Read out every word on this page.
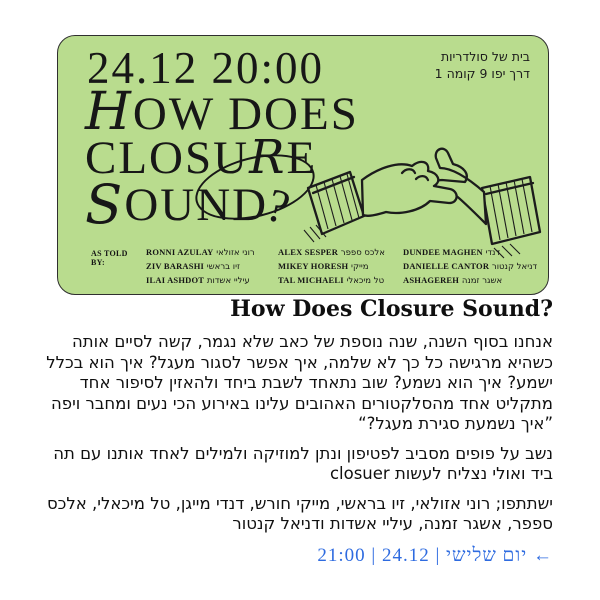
24.12 20:00
HOW DOES
CLOSURE
SOUND?
בית של סולדריות
דרך יפו 9 קומה 1
AS TOLD BY:
RONNI AZULAY רוני אזולאי
ZIV BARASHI זיו בראשי
ILAI ASHDOT עיליי אשדות
ALEX SESPER אלכס ספפר
MIKEY HORESH מייקי
TAL MICHAELI טל מיכאלי
DUNDEE MAGHEN דנדי
DANIELLE CANTOR דניאל קנטור
ASHAGEREH אשגר זמנה
How Does Closure Sound?

אנחנו בסוף השנה, שנה נוספת של כאב שלא נגמר, קשה לסיים אותה כשהיא מרגישה כל כך לא שלמה, איך אפשר לסגור מעגל? איך הוא בכלל ישמע? איך הוא נשמע? שוב נתאחד לשבת ביחד ולהאזין לסיפור אחד מתקליט אחד מהסלקטורים האהובים עלינו באירוע הכי נעים ומחבר ויפה ”איך נשמעת סגירת מעגל?“

נשב על פופים מסביב לפטיפון ונתן למוזיקה ולמילים לאחד אותנו עם תה ביד ואולי נצליח לעשות closuer

ישתתפו; רוני אזולאי, זיו בראשי, מייקי חורש, דנדי מייגן, טל מיכאלי, אלכס ספפר, אשגר זמנה, עיליי אשדות ודניאל קנטור

← יום שלישי | 24.12 | 21:00
